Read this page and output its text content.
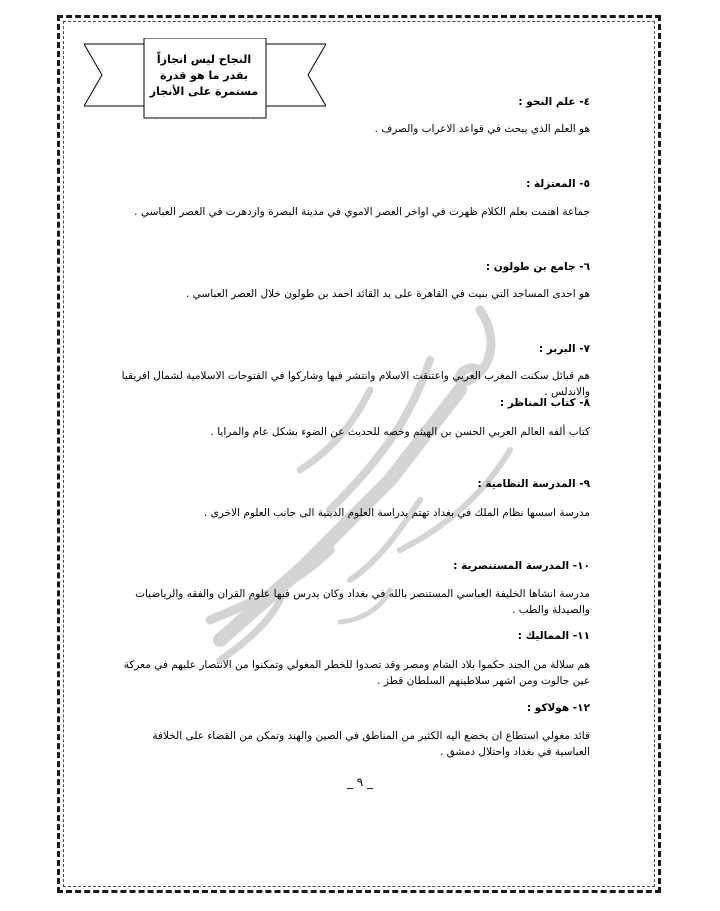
النجاح ليس انجازاً بقدر ما هو قدرة مستمرة على الأنجاز
٤- علم النحو :
هو العلم الذي يبحث في قواعد الاعراب والصرف .
٥- المعتزلة :
جماعة اهتمت بعلم الكلام ظهرت في اواخر العصر الاموي في مدينة البصرة وازدهرت في العصر العباسي .
٦- جامع بن طولون :
هو احدى المساجد التي بنيت في القاهرة على يد القائد احمد بن طولون خلال العصر العباسي .
٧- البربر :
هم قبائل سكنت المغرب العربي واعتنقت الاسلام وانتشر فيها وشاركوا في الفتوحات الاسلامية لشمال افريقيا والاندلس .
٨- كتاب المناظر :
كتاب ألفه العالم العربي الحسن بن الهيثم وخصه للحديث عن الضوء بشكل عام والمرايا .
٩- المدرسة النظامية :
مدرسة اسسها نظام الملك في بغداد تهتم بدراسة العلوم الدينية الى جانب العلوم الاخرى .
١٠- المدرسة المستنصرية :
مدرسة انشاها الخليفة العباسي المستنصر بالله في بغداد وكان يدرس فيها علوم القران والفقه والرياضيات والصيدلة والطب .
١١- المماليك :
هم سلالة من الجند حكموا بلاد الشام ومصر وقد تصدوا للخطر المغولي وتمكنوا من الانتصار عليهم في معركة عين جالوت ومن اشهر سلاطينهم السلطان قطز .
١٢- هولاكو :
قائد مغولي استطاع ان يخضع اليه الكثير من المناطق في الصين والهند وتمكن من القضاء على الخلافة العباسية في بغداد واحتلال دمشق .
_ ٩ _
